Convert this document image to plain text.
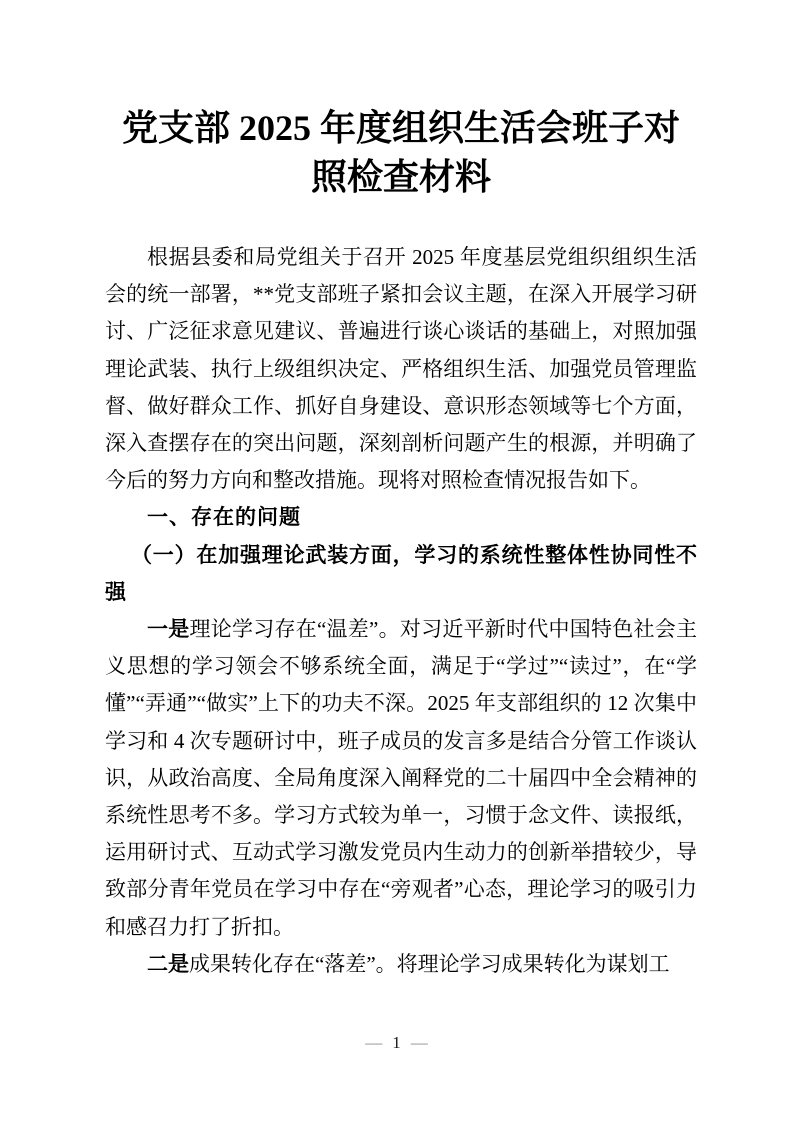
党支部 2025 年度组织生活会班子对照检查材料

根据县委和局党组关于召开 2025 年度基层党组织组织生活会的统一部署，**党支部班子紧扣会议主题，在深入开展学习研讨、广泛征求意见建议、普遍进行谈心谈话的基础上，对照加强理论武装、执行上级组织决定、严格组织生活、加强党员管理监督、做好群众工作、抓好自身建设、意识形态领域等七个方面，深入查摆存在的突出问题，深刻剖析问题产生的根源，并明确了今后的努力方向和整改措施。现将对照检查情况报告如下。

一、存在的问题

（一）在加强理论武装方面，学习的系统性整体性协同性不强

一是理论学习存在“温差”。对习近平新时代中国特色社会主义思想的学习领会不够系统全面，满足于“学过”“读过”，在“学懂”“弄通”“做实”上下的功夫不深。2025 年支部组织的 12 次集中学习和 4 次专题研讨中，班子成员的发言多是结合分管工作谈认识，从政治高度、全局角度深入阐释党的二十届四中全会精神的系统性思考不多。学习方式较为单一，习惯于念文件、读报纸，运用研讨式、互动式学习激发党员内生动力的创新举措较少，导致部分青年党员在学习中存在“旁观者”心态，理论学习的吸引力和感召力打了折扣。

二是成果转化存在“落差”。将理论学习成果转化为谋划工

— 1 —
